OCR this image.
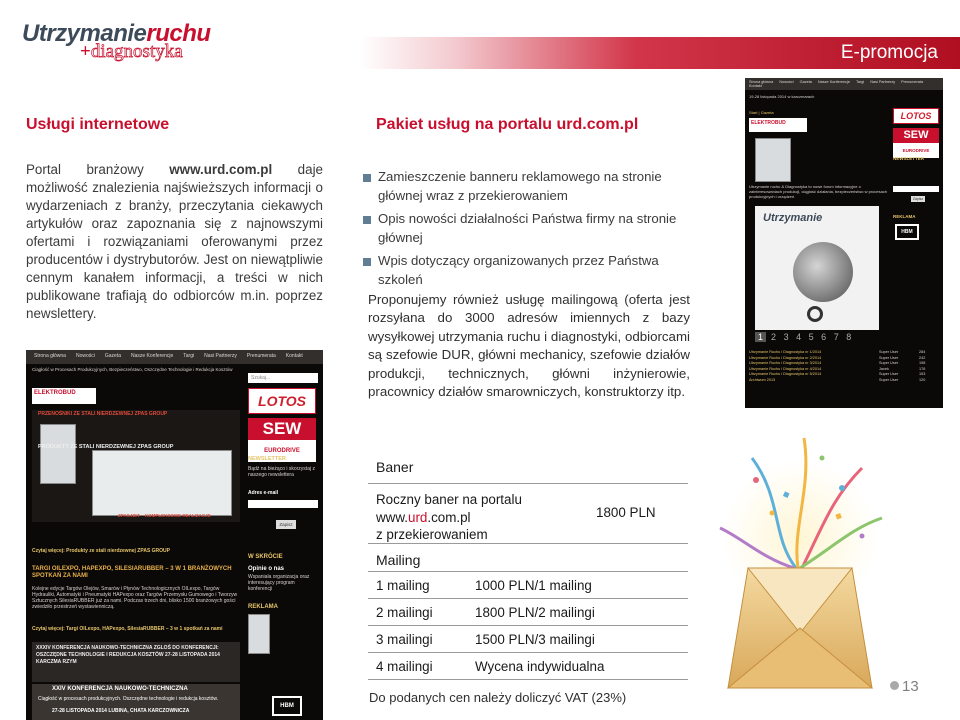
Utrzymanieruchu
+diagnostyka	E-promocja
Usługi internetowe	Pakiet usług na portalu urd.com.pl
Portal branżowy www.urd.com.pl daje możliwość znalezienia najświeższych informacji o wydarzeniach z branży, przeczytania ciekawych artykułów oraz zapoznania się z najnowszymi ofertami i rozwiązaniami oferowanymi przez producentów i dystrybutorów. Jest on niewątpliwie cennym kanałem informacji, a treści w nich publikowane trafiają do odbiorców m.in. poprzez newslettery.
Zamieszczenie banneru reklamowego na stronie głównej wraz z przekierowaniem
Opis nowości działalności Państwa firmy na stronie głównej
Wpis dotyczący organizowanych przez Państwa szkoleń
Proponujemy również usługę mailingową (oferta jest rozsyłana do 3000 adresów imiennych z bazy wysyłkowej utrzymania ruchu i diagnostyki, odbiorcami są szefowie DUR, główni mechanicy, szefowie działów produkcji, technicznych, główni inżynierowie, pracownicy działów smarowniczych, konstruktorzy itp.
Baner
Roczny baner na portalu
www.urd.com.pl
z przekierowaniem
1800 PLN
Mailing
1 mailing	1000 PLN/1 mailing
2 mailingi	1800 PLN/2 mailingi
3 mailingi	1500 PLN/3 mailingi
4 mailingi	Wycena indywidualna
Do podanych cen należy doliczyć VAT (23%)
13
Strona główna Nowości Gazeta Nasze Konferencje Targi Nasi Partnerzy Prenumerata Kontakt
Ciągłość w Procesach Produkcyjnych, Bezpieczeństwo, Oszczędne Technologie i Redukcja Kosztów
Szukaj...
ELEKTROBUD	LOTOS
SEW
EURODRIVE
PRZENOŚNIKI ZE STALI NIERDZEWNEJ ZPAS GROUP
PRODUKTY ZE STALI NIERDZEWNEJ ZPAS GROUP
ZPAS.NET – KOMPLEKSOWE REALIZACJE
NEWSLETTER
Bądź na bieżąco i skorzystaj z naszego newslettera
Adres e-mail
Zapisz
Czytaj więcej: Produkty ze stali nierdzewnej ZPAS GROUP
TARGI OILEXPO, HAPEXPO, SILESIARUBBER – 3 W 1 BRANŻOWYCH SPOTKAŃ ZA NAMI
Kolejne edycje Targów Olejów, Smarów i Płynów Technologicznych OILexpo, Targów Hydrauliki, Automatyki i Pneumatyki HAPexpo oraz Targów Przemysłu Gumowego i Tworzyw Sztucznych SilesiaRUBBER już za nami. Podczas trzech dni, blisko 1500 branżowych gości zwiedziło przestrzeń wystawienniczą.
Czytaj więcej: Targi OILexpo, HAPexpo, SilesiaRUBBER – 3 w 1 spotkań za nami
W SKRÓCIE
Opinie o nas
Wspaniała organizacja oraz interesujący program konferencji
REKLAMA
XXXIV KONFERENCJA NAUKOWO-TECHNICZNA ZGLOŚ DO KONFERENCJI: OSZCZĘDNE TECHNOLOGIE I REDUKCJA KOSZTÓW 27-28 LISTOPADA 2014 KARCZMA RZYM
XXIV KONFERENCJA NAUKOWO-TECHNICZNA
Ciągłość w procesach produkcyjnych. Oszczędne technologie i redukcja kosztów.
27-28 LISTOPADA 2014 LUBINA, CHATA KARCZOWNICZA
HBM
Strona główna Nowości Gazeta Nasze Konferencje Targi Nasi Partnerzy PrenumerataKontakt
19-28 listopada 2014 w karczmarach
Start | Gazeta
ELEKTROBUD
LOTOS
SEW
EURODRIVE
NEWSLETTER
Utrzymanie ruchu & Diagnostyka to nowe forum informacyjne o zainteresowaniach produkcji, ciągłość działania, bezpieczeństwo w procesach produkcyjnych i urządzeń.	Zapisz
REKLAMA
HBM
Utrzymanie
1 2 3 4 5 6 7 8
Utrzymanie Ruchu i Diagnostyka nr 1/2014	Super User	284
Utrzymanie Ruchu i Diagnostyka nr 2/2014	Super User	242
Utrzymanie Ruchu i Diagnostyka nr 3/2014	Super User	198
Utrzymanie Ruchu i Diagnostyka nr 4/2014	Jacek	176
Utrzymanie Ruchu i Diagnostyka nr 5/2014	Super User	153
Archiwum 2013	Super User	120
